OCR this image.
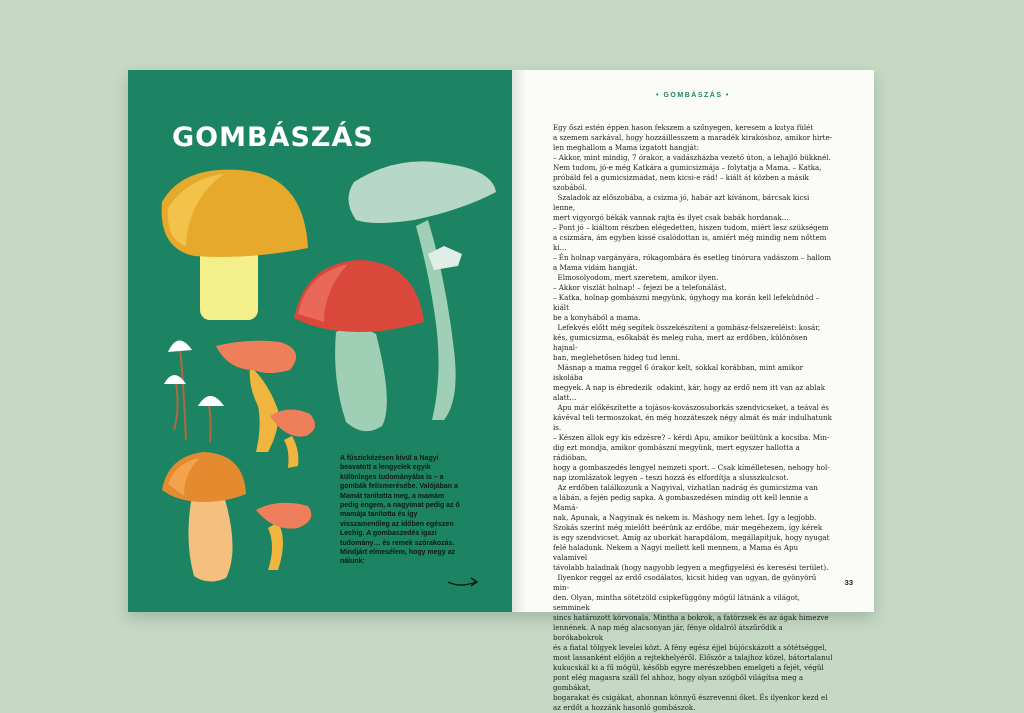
GOMBÁSZÁS
A fűszickézésen kívül a Nagyi beavatott a lengyelek egyik különleges tudományába is – a gombák felismerésébe. Valójában a Mamát tanította meg, a mamám pedig engem, a nagyimat pedig az ő mamája tanította és így visszamenőleg az időben egészen Lechig. A gombaszedés igazi tudomány… és remek szórakozás. Mindjárt elmesélem, hogy megy az nálunk:
• GOMBÁSZÁS •

Egy őszi estén éppen hason fekszem a szőnyegen, keresem a kutya fülét
a szemem sarkával, hogy hozzáillesszem a maradék kirakóshoz, amikor hirte-
len meghallom a Mama izgatott hangját:
– Akkor, mint mindig, 7 órakor, a vadászházba vezető úton, a lehajló bükknél.
Nem tudom, jó-e még Katkára a gumicsizmája – folytatja a Mama. – Katka,
próbáld fel a gumicsizmádat, nem kicsi-e rád! – kiált át közben a másik szobából.
Szaladok az előszobába, a csizma jó, habár azt kívánom, bárcsak kicsi lenne,
mert vigyorgó békák vannak rajta és ilyet csak babák hordanak…
– Pont jó – kiáltom részben elégedetten, hiszen tudom, miért lesz szükségem
a csizmára, ám egyben kissé csalódottan is, amiért még mindig nem nőttem ki…
– Én holnap vargányára, rókagombára és esetleg tinórura vadászom – hallom
a Mama vidám hangját.
Elmosolyodom, mert szeretem, amikor ilyen.
– Akkor viszlát holnap! – fejezi be a telefonálást.
– Katka, holnap gombászni megyünk, úgyhogy ma korán kell lefeküdnöd – kiált
be a konyhából a mama.
Lefekvés előtt még segítek összekészíteni a gombász-felszereléist: kosár,
kés, gumicsizma, esőkabát és meleg ruha, mert az erdőben, különösen hajnal-
ban, meglehetősen hideg tud lenni.
Másnap a mama reggel 6 órakor kelt, sokkal korábban, mint amikor iskolába
megyek. A nap is ébredezik  odakint, kár, hogy az erdő nem itt van az ablak
alatt…
Apu már előkészítette a tojásos-kovászosuborkás szendvicseket, a teával és
kávéval teli termoszokat, én még hozzáteszek négy almát és már indulhatunk is.
– Készen állok egy kis edzésre? – kérdi Apu, amikor beültünk a kocsiba. Min-
dig ezt mondja, amikor gombászni megyünk, mert egyszer hallotta a rádióban,
hogy a gombaszedés lengyel nemzeti sport. – Csak kímélletesen, nehogy hol-
nap izomlázatok legyen – teszi hozzá és elfordítja a slusszkulcsot.
Az erdőben találkozunk a Nagyival, vízhatlan nadrág és gumicsizma van
a lábán, a fején pedig sapka. A gombaszedésen mindig ott kell lennie a Mamá-
nak, Apunak, a Nagyinak és nekem is. Máshogy nem lehet. Így a legjobb.
Szokás szerint még mielőtt beérünk az erdőbe, már megéhezem, így kérek
is egy szendvicset. Amíg az uborkát harapdálom, megállapítjuk, hogy nyugat
felé haladunk. Nekem a Nagyi mellett kell mennem, a Mama és Apu valamivel
távolabb haladnak (hogy nagyobb legyen a megfigyelési és keresési terület).
Ilyenkor reggel az erdő csodálatos, kicsit hideg van ugyan, de gyönyörű min-
den. Olyan, mintha sötétzöld csipkefüggöny mögül látnánk a világot, semminek
sincs határozott körvonala. Mintha a bokrok, a fatörzsek és az ágak himezve
lennének. A nap még alacsonyan jár, fénye oldalról átszűrődik a borókabokrok
és a fiatal tölgyek levelei közt. A fény egész éjjel bújócskázott a sötétséggel,
most lassanként előjön a rejtekhelyéről. Először a talajhoz közel, bátortalanul
kukucskál ki a fű mögül, később egyre merészebben emelgeti a fejét, végül
pont elég magasra száll fel ahhoz, hogy olyan szögből világítsa meg a gombákat,
bogarakat és csigákat, ahonnan könnyű észrevenni őket. És ilyenkor kezd el
az erdőt a hozzánk hasonló gombászok.

33
